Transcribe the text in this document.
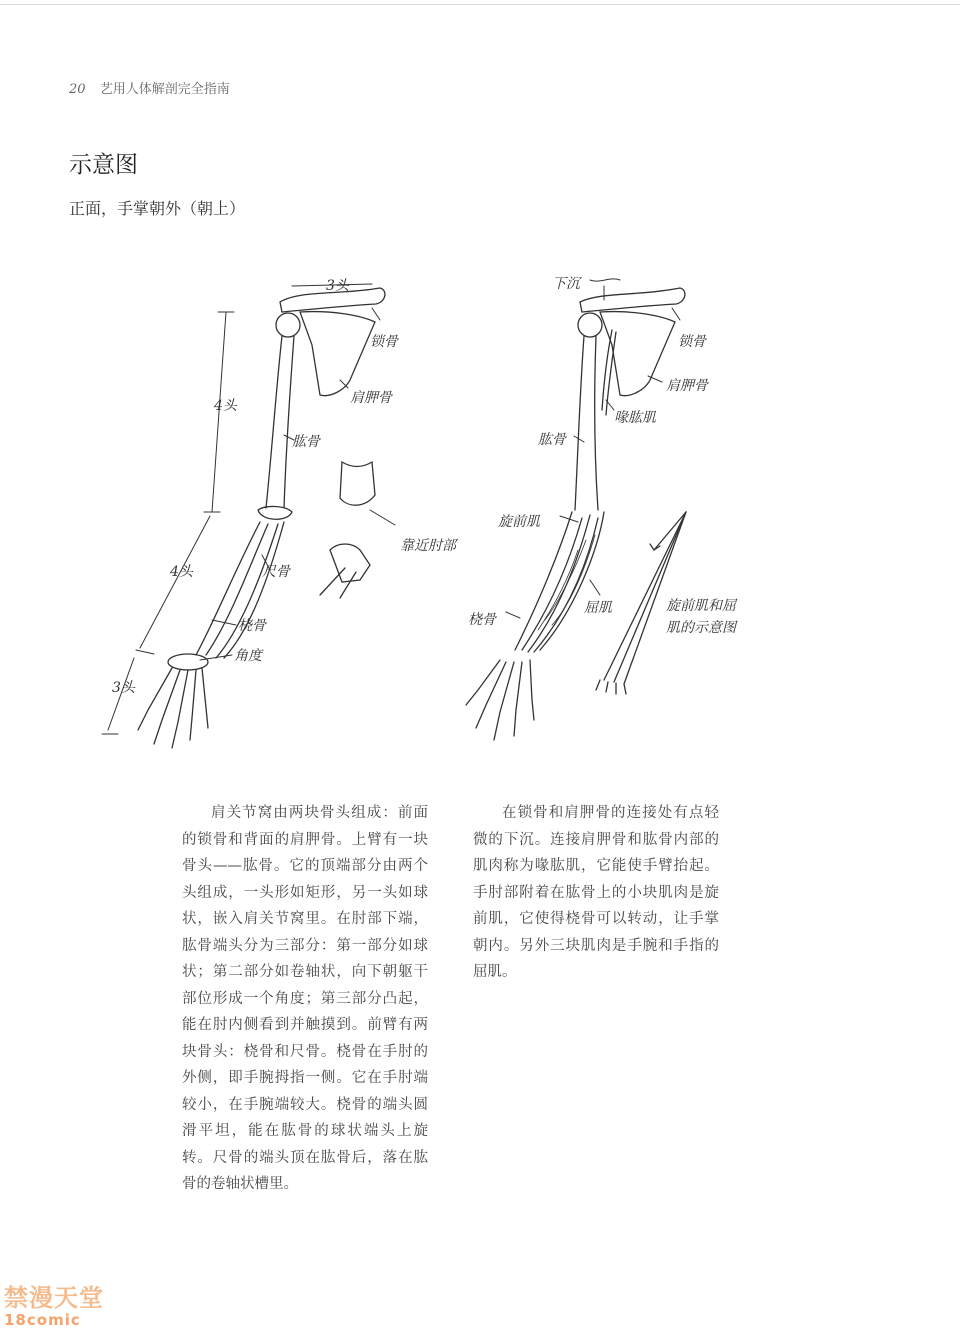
20 艺用人体解剖完全指南
示意图
正面，手掌朝外（朝上）
3头
锁骨
肩胛骨
4头
肱骨
靠近肘部
4头	尺骨
桡骨
角度
3头
下沉
锁骨
肩胛骨
喙肱肌
肱骨
旋前肌
屈肌
桡骨
旋前肌和屈
肌的示意图

肩关节窝由两块骨头组成：前面的锁骨和背面的肩胛骨。上臂有一块骨头——肱骨。它的顶端部分由两个头组成，一头形如矩形，另一头如球状，嵌入肩关节窝里。在肘部下端，肱骨端头分为三部分：第一部分如球状；第二部分如卷轴状，向下朝躯干部位形成一个角度；第三部分凸起，能在肘内侧看到并触摸到。前臂有两块骨头：桡骨和尺骨。桡骨在手肘的外侧，即手腕拇指一侧。它在手肘端较小，在手腕端较大。桡骨的端头圆滑平坦，能在肱骨的球状端头上旋转。尺骨的端头顶在肱骨后，落在肱骨的卷轴状槽里。

在锁骨和肩胛骨的连接处有点轻微的下沉。连接肩胛骨和肱骨内部的肌肉称为喙肱肌，它能使手臂抬起。手肘部附着在肱骨上的小块肌肉是旋前肌，它使得桡骨可以转动，让手掌朝内。另外三块肌肉是手腕和手指的屈肌。

禁漫天堂
18comic
